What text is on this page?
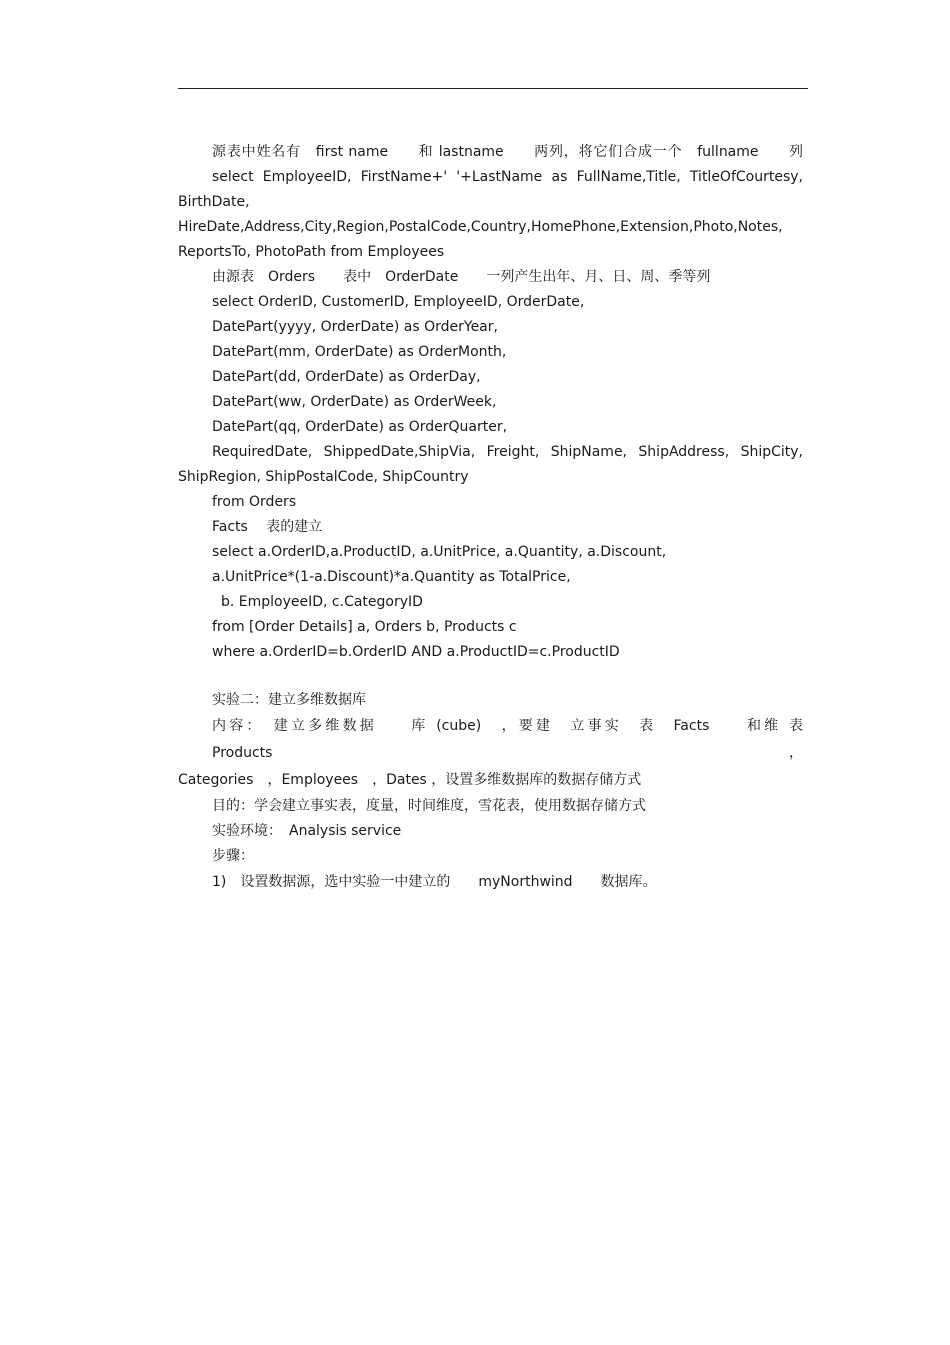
源表中姓名有　first name　　和 lastname　　两列，将它们合成一个　fullname　　列
select EmployeeID, FirstName+' '+LastName as FullName,Title, TitleOfCourtesy,
BirthDate,
HireDate,Address,City,Region,PostalCode,Country,HomePhone,Extension,Photo,Notes,
ReportsTo, PhotoPath from Employees
由源表　Orders　　表中　OrderDate　　一列产生出年、月、日、周、季等列
select OrderID, CustomerID, EmployeeID, OrderDate,
DatePart(yyyy, OrderDate) as OrderYear,
DatePart(mm, OrderDate) as OrderMonth,
DatePart(dd, OrderDate) as OrderDay,
DatePart(ww, OrderDate) as OrderWeek,
DatePart(qq, OrderDate) as OrderQuarter,
RequiredDate, ShippedDate,ShipVia, Freight, ShipName, ShipAddress, ShipCity,
ShipRegion, ShipPostalCode, ShipCountry
from Orders
Facts　 表的建立
select a.OrderID,a.ProductID, a.UnitPrice, a.Quantity, a.Discount,
a.UnitPrice*(1-a.Discount)*a.Quantity as TotalPrice,
b. EmployeeID, c.CategoryID
from [Order Details] a, Orders b, Products c
where a.OrderID=b.OrderID AND a.ProductID=c.ProductID
实验二：建立多维数据库
内容：　建立多维数据　　库 (cube)　，要建　立事实　表　Facts　　和维 表　Products　　，
Categories　，Employees　，Dates ，设置多维数据库的数据存储方式
目的：学会建立事实表，度量，时间维度，雪花表，使用数据存储方式
实验环境：　Analysis service
步骤：
1)　设置数据源，选中实验一中建立的　　myNorthwind　　数据库。
